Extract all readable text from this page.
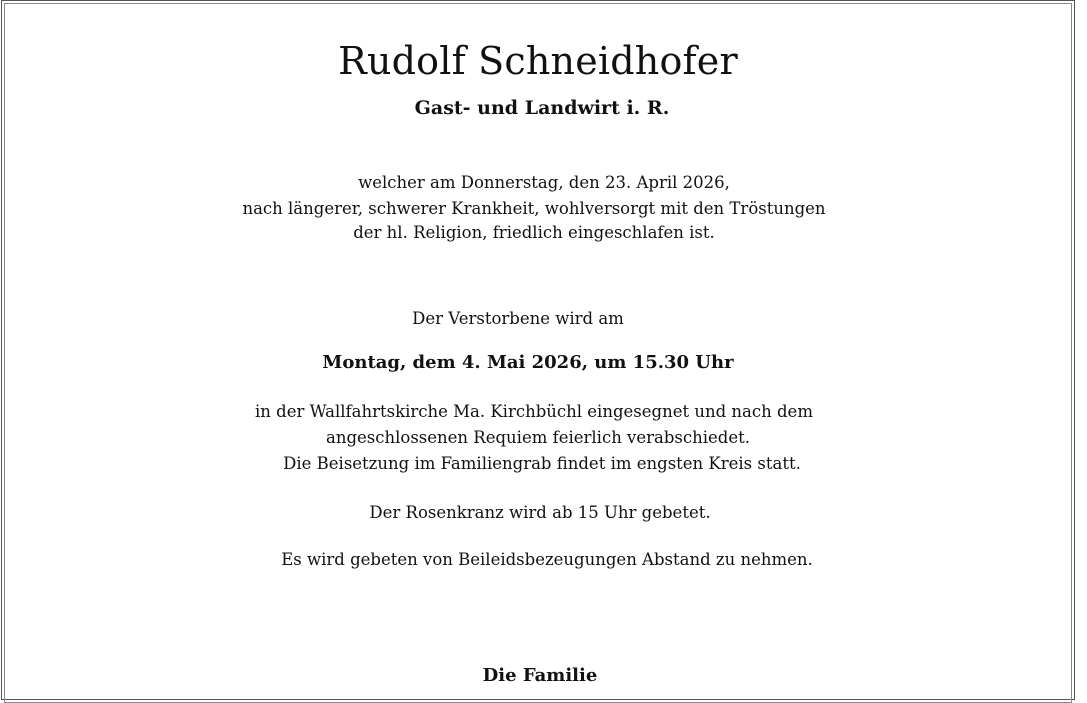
Rudolf Schneidhofer
Gast- und Landwirt i. R.
welcher am Donnerstag, den 23. April 2026,
nach längerer, schwerer Krankheit, wohlversorgt mit den Tröstungen
der hl. Religion, friedlich eingeschlafen ist.
Der Verstorbene wird am
Montag, dem 4. Mai 2026, um 15.30 Uhr
in der Wallfahrtskirche Ma. Kirchbüchl eingesegnet und nach dem
angeschlossenen Requiem feierlich verabschiedet.
Die Beisetzung im Familiengrab findet im engsten Kreis statt.
Der Rosenkranz wird ab 15 Uhr gebetet.
Es wird gebeten von Beileidsbezeugungen Abstand zu nehmen.
Die Familie
